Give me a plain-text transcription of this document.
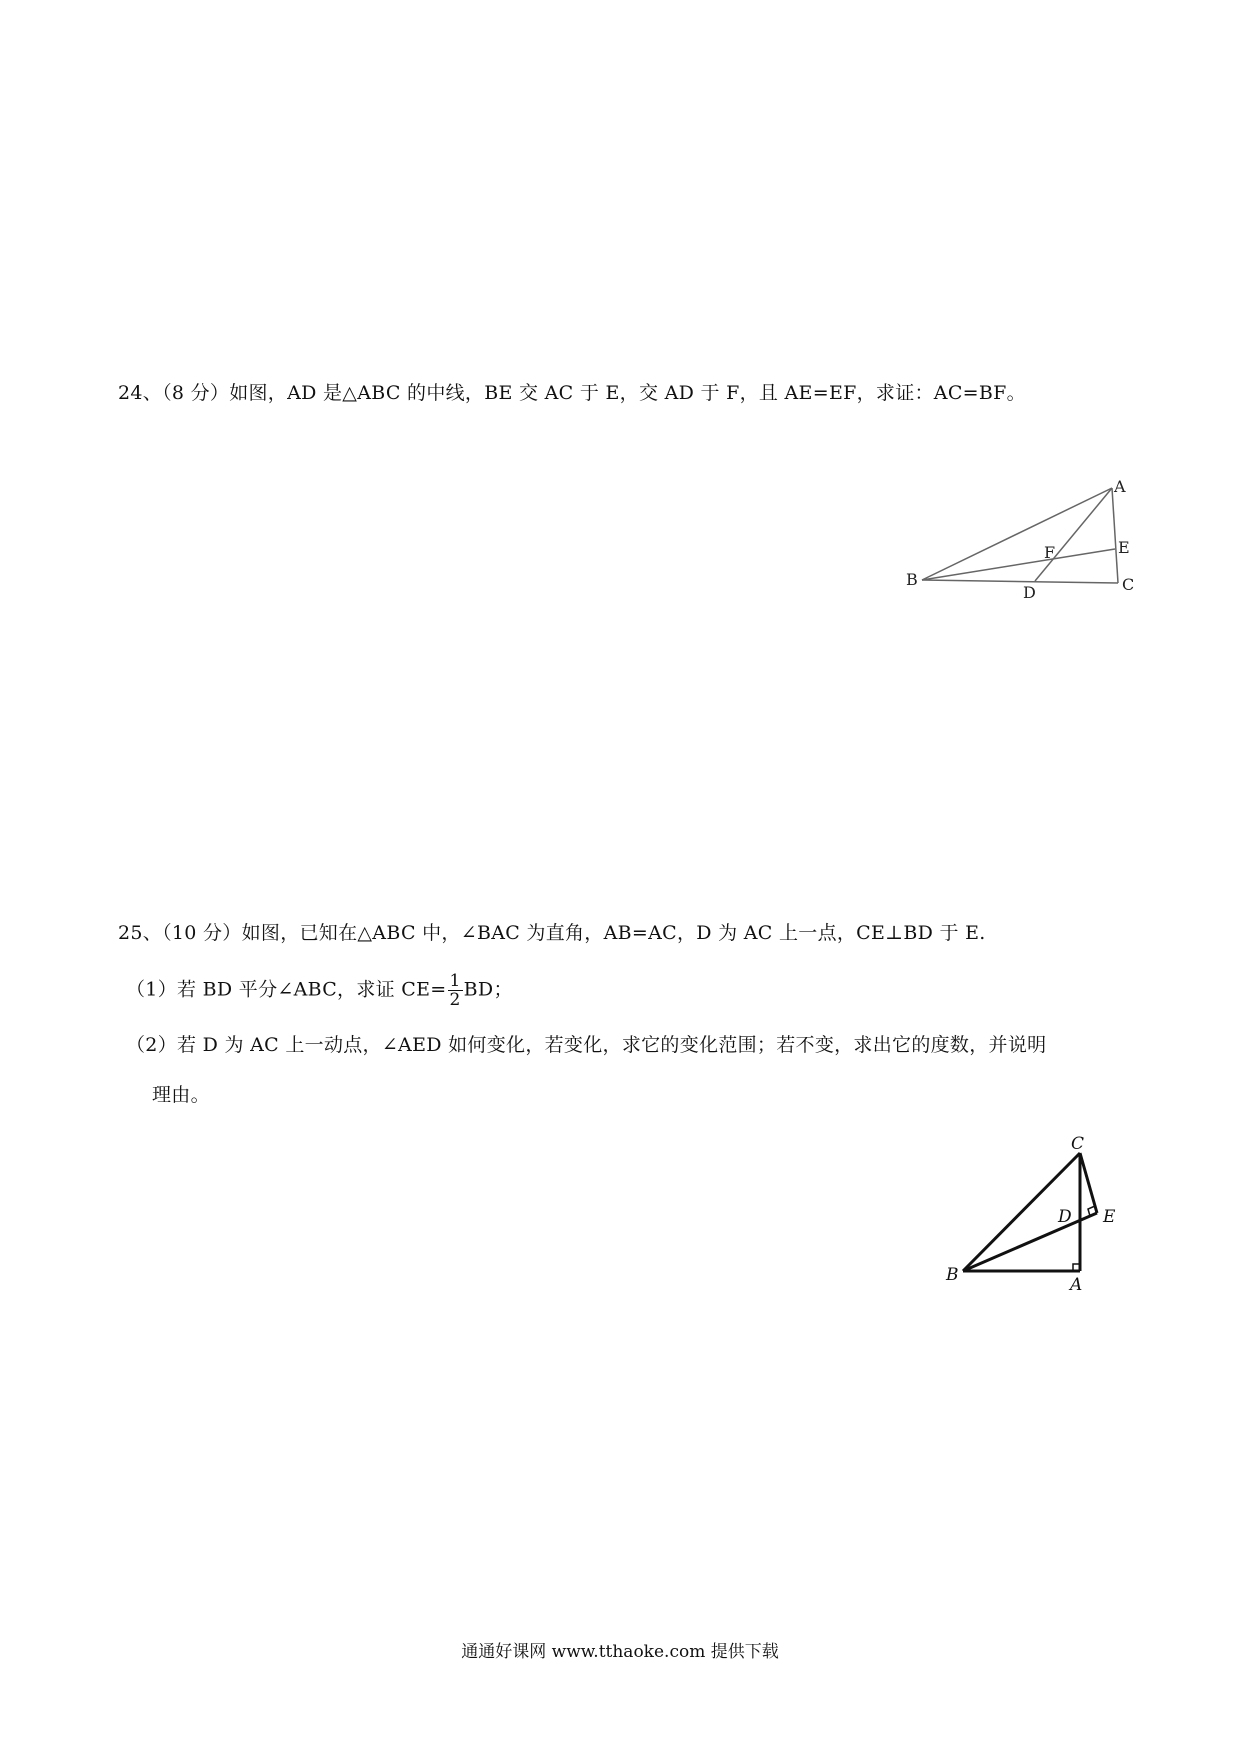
24、（8 分）如图，AD 是△ABC 的中线，BE 交 AC 于 E，交 AD 于 F，且 AE=EF，求证：AC=BF。
A
B	C
D
E
F
25、（10 分）如图，已知在△ABC 中，∠BAC 为直角，AB=AC，D 为 AC 上一点，CE⊥BD 于 E.
（1）若 BD 平分∠ABC，求证 $CE= \frac{1}{2}$ BD；
（2）若 D 为 AC 上一动点，∠AED 如何变化，若变化，求它的变化范围；若不变，求出它的度数，并说明
理由。
C
B	A
D E
通通好课网 www.tthaoke.com 提供下载
